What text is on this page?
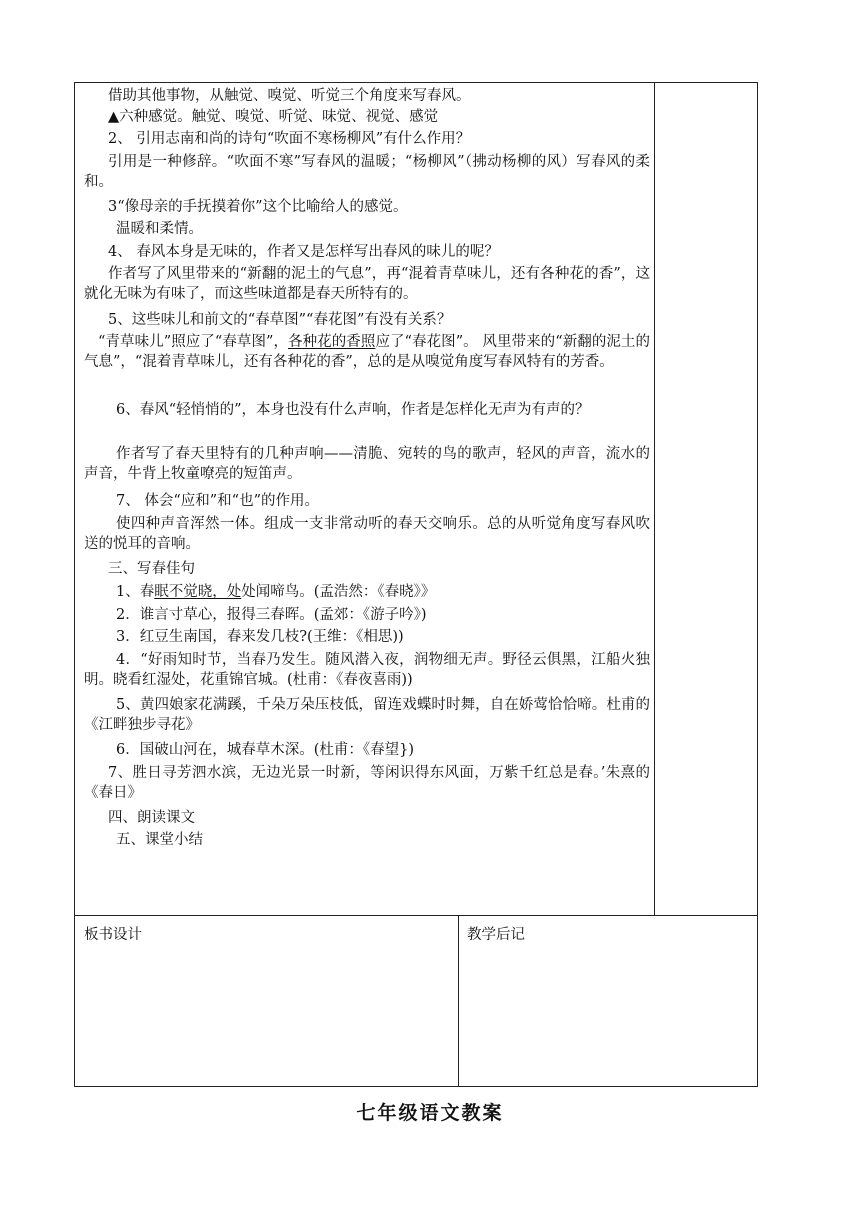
借助其他事物，从触觉、嗅觉、听觉三个角度来写春风。
▲六种感觉。触觉、嗅觉、听觉、味觉、视觉、感觉
2、 引用志南和尚的诗句“吹面不寒杨柳风”有什么作用？
引用是一种修辞。“吹面不寒”写春风的温暖；“杨柳风”（拂动杨柳的风）写春风的柔和。
3“像母亲的手抚摸着你”这个比喻给人的感觉。
温暖和柔情。
4、 春风本身是无味的，作者又是怎样写出春风的味儿的呢？
作者写了风里带来的“新翻的泥土的气息”，再“混着青草味儿，还有各种花的香”，这就化无味为有味了，而这些味道都是春天所特有的。
5、这些味儿和前文的“春草图”“春花图”有没有关系？
“青草味儿”照应了“春草图”，各种花的香照应了“春花图”。 风里带来的“新翻的泥土的气息”，“混着青草味儿，还有各种花的香”，总的是从嗅觉角度写春风特有的芳香。
6、春风“轻悄悄的”，本身也没有什么声响，作者是怎样化无声为有声的？
作者写了春天里特有的几种声响——清脆、宛转的鸟的歌声，轻风的声音，流水的声音，牛背上牧童嘹亮的短笛声。
7、 体会“应和”和“也”的作用。
使四种声音浑然一体。组成一支非常动听的春天交响乐。总的从听觉角度写春风吹送的悦耳的音响。
三、写春佳句
1、春眠不觉晓，处处闻啼鸟。(孟浩然：《春晓》》
2．谁言寸草心，报得三春晖。(孟郊：《游子吟》)
3．红豆生南国，春来发几枝?(王维：《相思))
4．“好雨知时节，当春乃发生。随风潜入夜，润物细无声。野径云俱黑，江船火独明。晓看红湿处，花重锦官城。(杜甫：《春夜喜雨))
5、黄四娘家花满蹊，千朵万朵压枝低，留连戏蝶时时舞，自在娇莺恰恰啼。杜甫的《江畔独步寻花》
6．国破山河在，城春草木深。(杜甫：《春望})
7、胜日寻芳泗水滨，无边光景一时新，等闲识得东风面，万紫千红总是春。’朱熹的《春日》
四、朗读课文
五、课堂小结
板书设计	教学后记
七年级语文教案
